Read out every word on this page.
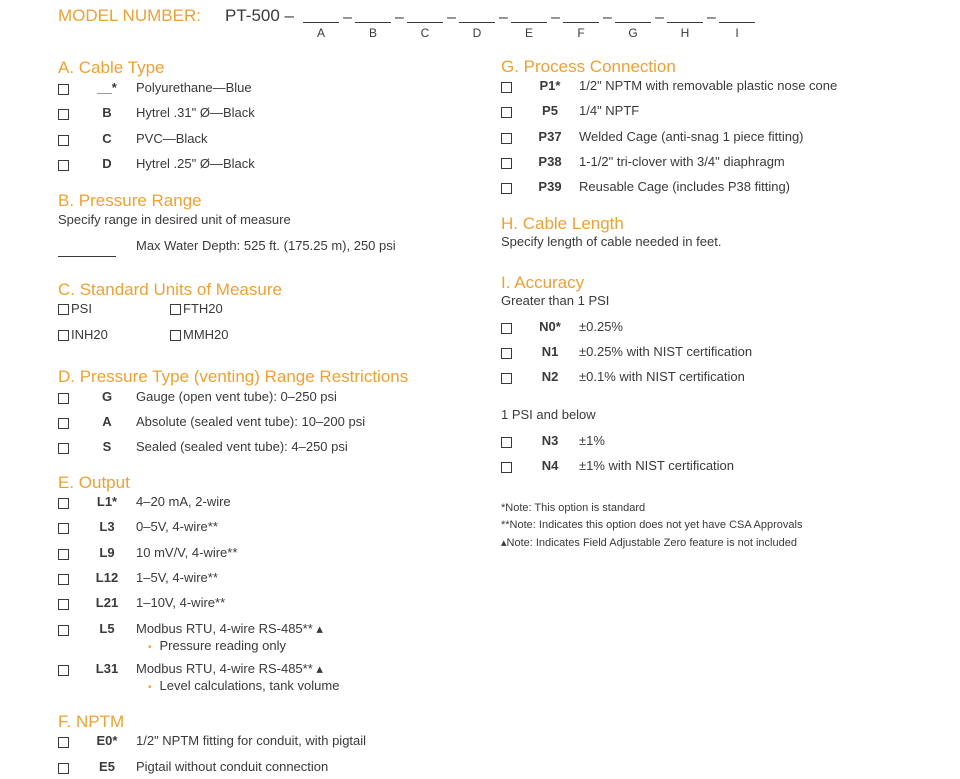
MODEL NUMBER: PT-500 –	–
A
–
B
–
C
–
D
–
E
–
F
–
G
–
H	I
A. Cable Type
__*	Polyurethane—Blue
B	Hytrel .31" Ø—Black
C	PVC—Black
D	Hytrel .25" Ø—Black
B. Pressure Range
Specify range in desired unit of measure
Max Water Depth: 525 ft. (175.25 m), 250 psi
C. Standard Units of Measure
PSI	FTH20
INH20	MMH20
D. Pressure Type (venting) Range Restrictions
G	Gauge (open vent tube): 0–250 psi
A	Absolute (sealed vent tube): 10–200 psi
S	Sealed (sealed vent tube): 4–250 psi
E. Output
L1*	4–20 mA, 2-wire
L3	0–5V, 4-wire**
L9	10 mV/V, 4-wire**
L12	1–5V, 4-wire**
L21	1–10V, 4-wire**
L5	Modbus RTU, 4-wire RS-485** ▴
• Pressure reading only
L31	Modbus RTU, 4-wire RS-485** ▴
• Level calculations, tank volume
F. NPTM
E0*	1/2" NPTM fitting for conduit, with pigtail
E5	Pigtail without conduit connection
G. Process Connection
P1*	1/2" NPTM with removable plastic nose cone
P5	1/4" NPTF
P37	Welded Cage (anti-snag 1 piece fitting)
P38	1-1/2" tri-clover with 3/4" diaphragm
P39	Reusable Cage (includes P38 fitting)
H. Cable Length
Specify length of cable needed in feet.
I. Accuracy
Greater than 1 PSI
N0*	±0.25%
N1	±0.25% with NIST certification
N2	±0.1% with NIST certification
1 PSI and below
N3	±1%
N4	±1% with NIST certification
*Note: This option is standard
**Note: Indicates this option does not yet have CSA Approvals
▴Note: Indicates Field Adjustable Zero feature is not included
